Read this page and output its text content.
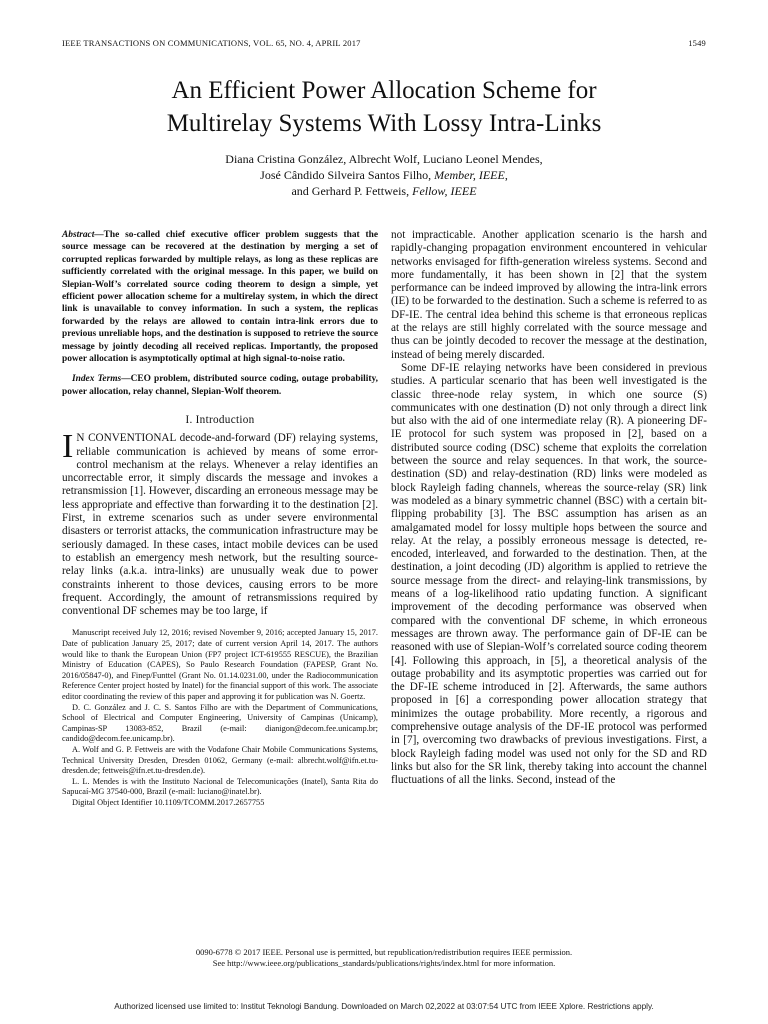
IEEE TRANSACTIONS ON COMMUNICATIONS, VOL. 65, NO. 4, APRIL 2017	1549
An Efficient Power Allocation Scheme for
Multirelay Systems With Lossy Intra-Links
Diana Cristina González, Albrecht Wolf, Luciano Leonel Mendes,
José Cândido Silveira Santos Filho, Member, IEEE,
and Gerhard P. Fettweis, Fellow, IEEE

Abstract—The so-called chief executive officer problem suggests that the source message can be recovered at the destination by merging a set of corrupted replicas forwarded by multiple relays, as long as these replicas are sufficiently correlated with the original message. In this paper, we build on Slepian-Wolf’s correlated source coding theorem to design a simple, yet efficient power allocation scheme for a multirelay system, in which the direct link is unavailable to convey information. In such a system, the replicas forwarded by the relays are allowed to contain intra-link errors due to previous unreliable hops, and the destination is supposed to retrieve the source message by jointly decoding all received replicas. Importantly, the proposed power allocation is asymptotically optimal at high signal-to-noise ratio.

Index Terms—CEO problem, distributed source coding, outage probability, power allocation, relay channel, Slepian-Wolf theorem.

I. Introduction

I N CONVENTIONAL decode-and-forward (DF) relaying systems, reliable communication is achieved by means of some error-control mechanism at the relays. Whenever a relay identifies an uncorrectable error, it simply discards the message and invokes a retransmission [1]. However, discarding an erroneous message may be less appropriate and effective than forwarding it to the destination [2]. First, in extreme scenarios such as under severe environmental disasters or terrorist attacks, the communication infrastructure may be seriously damaged. In these cases, intact mobile devices can be used to establish an emergency mesh network, but the resulting source-relay links (a.k.a. intra-links) are unusually weak due to power constraints inherent to those devices, causing errors to be more frequent. Accordingly, the amount of retransmissions required by conventional DF schemes may be too large, if

Manuscript received July 12, 2016; revised November 9, 2016; accepted January 15, 2017. Date of publication January 25, 2017; date of current version April 14, 2017. The authors would like to thank the European Union (FP7 project ICT-619555 RESCUE), the Brazilian Ministry of Education (CAPES), So Paulo Research Foundation (FAPESP, Grant No. 2016/05847-0), and Finep/Funttel (Grant No. 01.14.0231.00, under the Radiocommunication Reference Center project hosted by Inatel) for the financial support of this work. The associate editor coordinating the review of this paper and approving it for publication was N. Goertz.

D. C. González and J. C. S. Santos Filho are with the Department of Communications, School of Electrical and Computer Engineering, University of Campinas (Unicamp), Campinas-SP 13083-852, Brazil (e-mail: dianigon@decom.fee.unicamp.br; candido@decom.fee.unicamp.br).

A. Wolf and G. P. Fettweis are with the Vodafone Chair Mobile Communications Systems, Technical University Dresden, Dresden 01062, Germany (e-mail: albrecht.wolf@ifn.et.tu-dresden.de; fettweis@ifn.et.tu-dresden.de).

L. L. Mendes is with the Instituto Nacional de Telecomunicações (Inatel), Santa Rita do Sapucaí-MG 37540-000, Brazil (e-mail: luciano@inatel.br).

Digital Object Identifier 10.1109/TCOMM.2017.2657755

not impracticable. Another application scenario is the harsh and rapidly-changing propagation environment encountered in vehicular networks envisaged for fifth-generation wireless systems. Second and more fundamentally, it has been shown in [2] that the system performance can be indeed improved by allowing the intra-link errors (IE) to be forwarded to the destination. Such a scheme is referred to as DF-IE. The central idea behind this scheme is that erroneous replicas at the relays are still highly correlated with the source message and thus can be jointly decoded to recover the message at the destination, instead of being merely discarded.

Some DF-IE relaying networks have been considered in previous studies. A particular scenario that has been well investigated is the classic three-node relay system, in which one source (S) communicates with one destination (D) not only through a direct link but also with the aid of one intermediate relay (R). A pioneering DF-IE protocol for such system was proposed in [2], based on a distributed source coding (DSC) scheme that exploits the correlation between the source and relay sequences. In that work, the source-destination (SD) and relay-destination (RD) links were modeled as block Rayleigh fading channels, whereas the source-relay (SR) link was modeled as a binary symmetric channel (BSC) with a certain bit-flipping probability [3]. The BSC assumption has arisen as an amalgamated model for lossy multiple hops between the source and relay. At the relay, a possibly erroneous message is detected, re-encoded, interleaved, and forwarded to the destination. Then, at the destination, a joint decoding (JD) algorithm is applied to retrieve the source message from the direct- and relaying-link transmissions, by means of a log-likelihood ratio updating function. A significant improvement of the decoding performance was observed when compared with the conventional DF scheme, in which erroneous messages are thrown away. The performance gain of DF-IE can be reasoned with use of Slepian-Wolf’s correlated source coding theorem [4]. Following this approach, in [5], a theoretical analysis of the outage probability and its asymptotic properties was carried out for the DF-IE scheme introduced in [2]. Afterwards, the same authors proposed in [6] a corresponding power allocation strategy that minimizes the outage probability. More recently, a rigorous and comprehensive outage analysis of the DF-IE protocol was performed in [7], overcoming two drawbacks of previous investigations. First, a block Rayleigh fading model was used not only for the SD and RD links but also for the SR link, thereby taking into account the channel fluctuations of all the links. Second, instead of the

0090-6778 © 2017 IEEE. Personal use is permitted, but republication/redistribution requires IEEE permission.
See http://www.ieee.org/publications_standards/publications/rights/index.html for more information.
Authorized licensed use limited to: Institut Teknologi Bandung. Downloaded on March 02,2022 at 03:07:54 UTC from IEEE Xplore. Restrictions apply.
